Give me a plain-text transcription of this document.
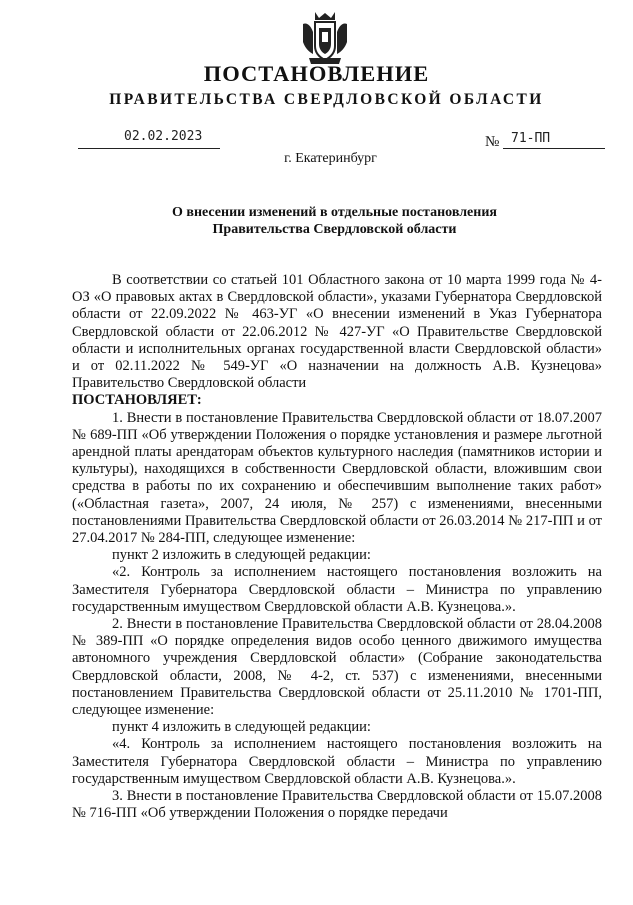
ПОСТАНОВЛЕНИЕ
ПРАВИТЕЛЬСТВА СВЕРДЛОВСКОЙ ОБЛАСТИ
02.02.2023	№ 71-ПП
г. Екатеринбург
О внесении изменений в отдельные постановления
Правительства Свердловской области

В соответствии со статьей 101 Областного закона от 10 марта 1999 года № 4-ОЗ «О правовых актах в Свердловской области», указами Губернатора Свердловской области от 22.09.2022 № 463-УГ «О внесении изменений в Указ Губернатора Свердловской области от 22.06.2012 № 427-УГ «О Правительстве Свердловской области и исполнительных органах государственной власти Свердловской области» и от 02.11.2022 № 549-УГ «О назначении на должность А.В. Кузнецова» Правительство Свердловской области

ПОСТАНОВЛЯЕТ:

1. Внести в постановление Правительства Свердловской области от 18.07.2007 № 689-ПП «Об утверждении Положения о порядке установления и размере льготной арендной платы арендаторам объектов культурного наследия (памятников истории и культуры), находящихся в собственности Свердловской области, вложившим свои средства в работы по их сохранению и обеспечившим выполнение таких работ» («Областная газета», 2007, 24 июля, № 257) с изменениями, внесенными постановлениями Правительства Свердловской области от 26.03.2014 № 217-ПП и от 27.04.2017 № 284-ПП, следующее изменение:

пункт 2 изложить в следующей редакции:

«2. Контроль за исполнением настоящего постановления возложить на Заместителя Губернатора Свердловской области – Министра по управлению государственным имуществом Свердловской области А.В. Кузнецова.».

2. Внести в постановление Правительства Свердловской области от 28.04.2008 № 389-ПП «О порядке определения видов особо ценного движимого имущества автономного учреждения Свердловской области» (Собрание законодательства Свердловской области, 2008, № 4-2, ст. 537) с изменениями, внесенными постановлением Правительства Свердловской области от 25.11.2010 № 1701-ПП, следующее изменение:

пункт 4 изложить в следующей редакции:

«4. Контроль за исполнением настоящего постановления возложить на Заместителя Губернатора Свердловской области – Министра по управлению государственным имуществом Свердловской области А.В. Кузнецова.».

3. Внести в постановление Правительства Свердловской области от 15.07.2008 № 716-ПП «Об утверждении Положения о порядке передачи
